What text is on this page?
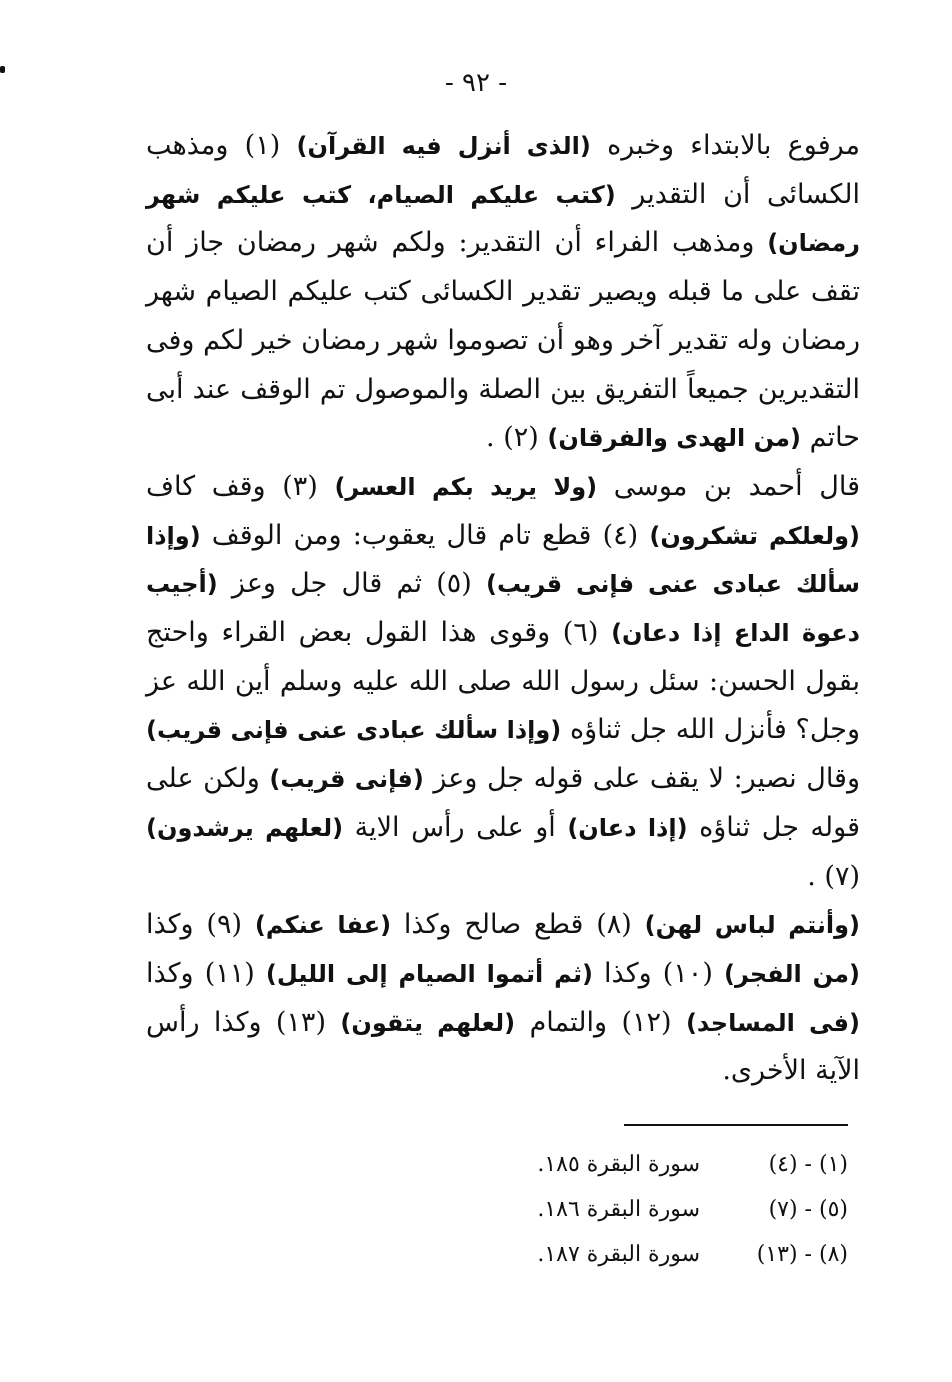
- ٩٢ -

مرفوع بالابتداء وخبره (الذى أنزل فيه القرآن) (١) ومذهب الكسائى أن التقدير (كتب عليكم الصيام، كتب عليكم شهر رمضان) ومذهب الفراء أن التقدير: ولكم شهر رمضان جاز أن تقف على ما قبله ويصير تقدير الكسائى كتب عليكم الصيام شهر رمضان وله تقدير آخر وهو أن تصوموا شهر رمضان خير لكم وفى التقديرين جميعاً التفريق بين الصلة والموصول تم الوقف عند أبى حاتم (من الهدى والفرقان) (٢) .

قال أحمد بن موسى (ولا يريد بكم العسر) (٣) وقف كاف (ولعلكم تشكرون) (٤) قطع تام قال يعقوب: ومن الوقف (وإذا سألك عبادى عنى فإنى قريب) (٥) ثم قال جل وعز (أجيب دعوة الداع إذا دعان) (٦) وقوى هذا القول بعض القراء واحتج بقول الحسن: سئل رسول الله صلى الله عليه وسلم أين الله عز وجل؟ فأنزل الله جل ثناؤه (وإذا سألك عبادى عنى فإنى قريب) وقال نصير: لا يقف على قوله جل وعز (فإنى قريب) ولكن على قوله جل ثناؤه (إذا دعان) أو على رأس الاية (لعلهم يرشدون) (٧) .

(وأنتم لباس لهن) (٨) قطع صالح وكذا (عفا عنكم) (٩) وكذا (من الفجر) (١٠) وكذا (ثم أتموا الصيام إلى الليل) (١١) وكذا (فى المساجد) (١٢) والتمام (لعلهم يتقون) (١٣) وكذا رأس الآية الأخرى.

(١) - (٤)
سورة البقرة ١٨٥.
(٥) - (٧)
سورة البقرة ١٨٦.
(٨) - (١٣)
سورة البقرة ١٨٧.
